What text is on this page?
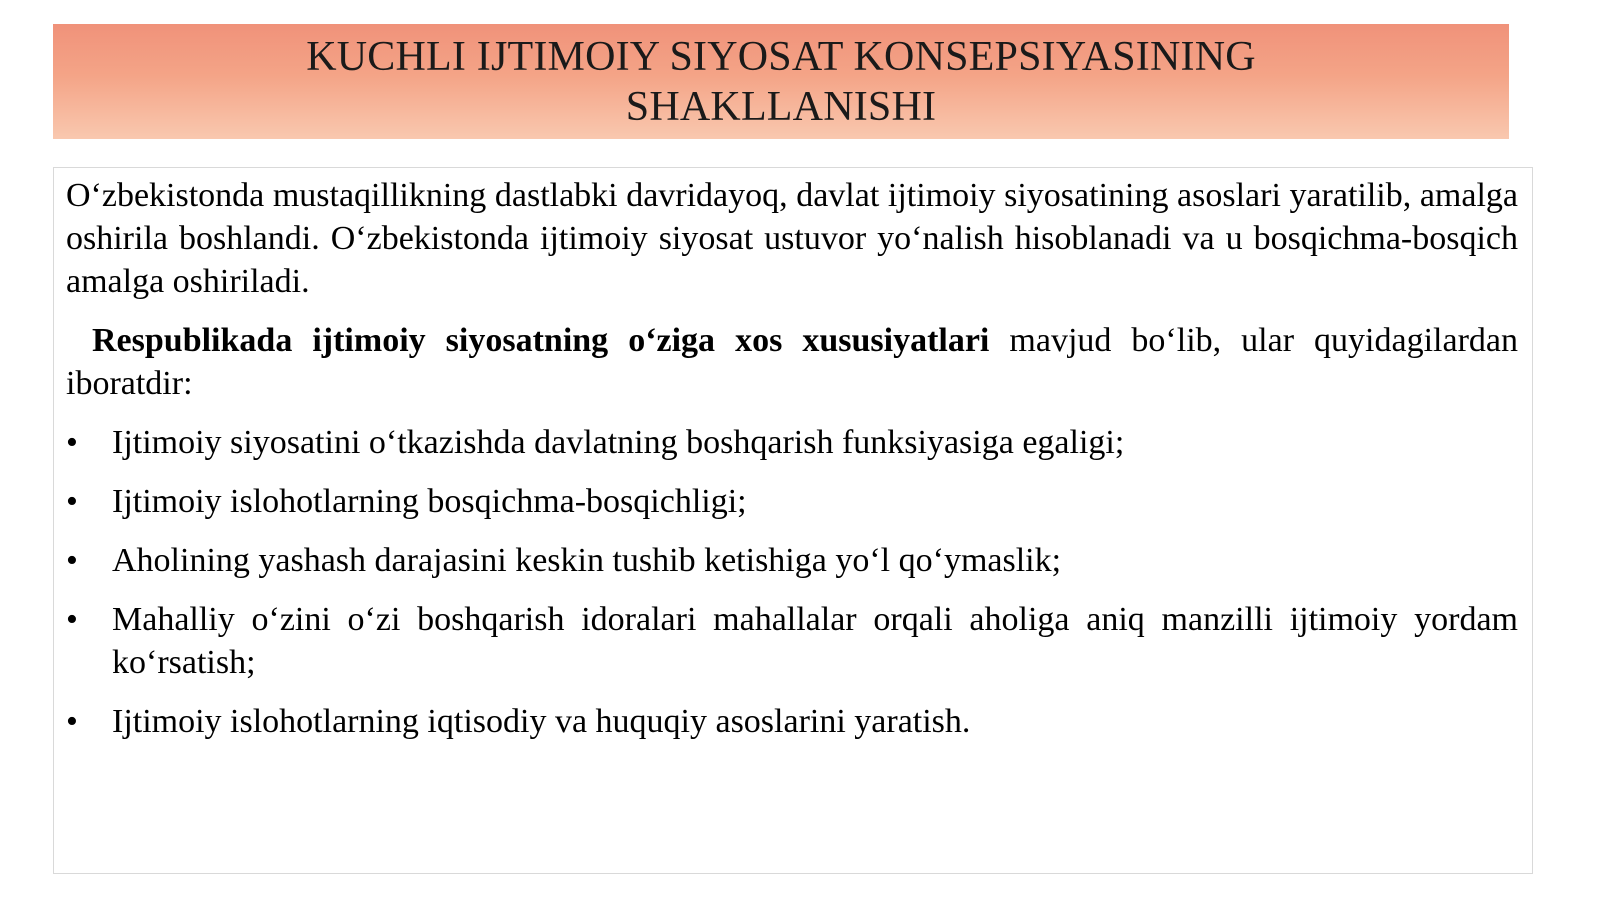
KUCHLI IJTIMOIY SIYOSAT KONSEPSIYASINING
SHAKLLANISHI

O‘zbekistonda mustaqillikning dastlabki davridayoq, davlat ijtimoiy siyosatining asoslari yaratilib, amalga oshirila boshlandi. O‘zbekistonda ijtimoiy siyosat ustuvor yo‘nalish hisoblanadi va u bosqichma-bosqich amalga oshiriladi.

Respublikada ijtimoiy siyosatning o‘ziga xos xususiyatlari mavjud bo‘lib, ular quyidagilardan iboratdir:

• Ijtimoiy siyosatini o‘tkazishda davlatning boshqarish funksiyasiga egaligi;
• Ijtimoiy islohotlarning bosqichma-bosqichligi;
• Aholining yashash darajasini keskin tushib ketishiga yo‘l qo‘ymaslik;
• Mahalliy o‘zini o‘zi boshqarish idoralari mahallalar orqali aholiga aniq manzilli ijtimoiy yordam ko‘rsatish;
• Ijtimoiy islohotlarning iqtisodiy va huquqiy asoslarini yaratish.
